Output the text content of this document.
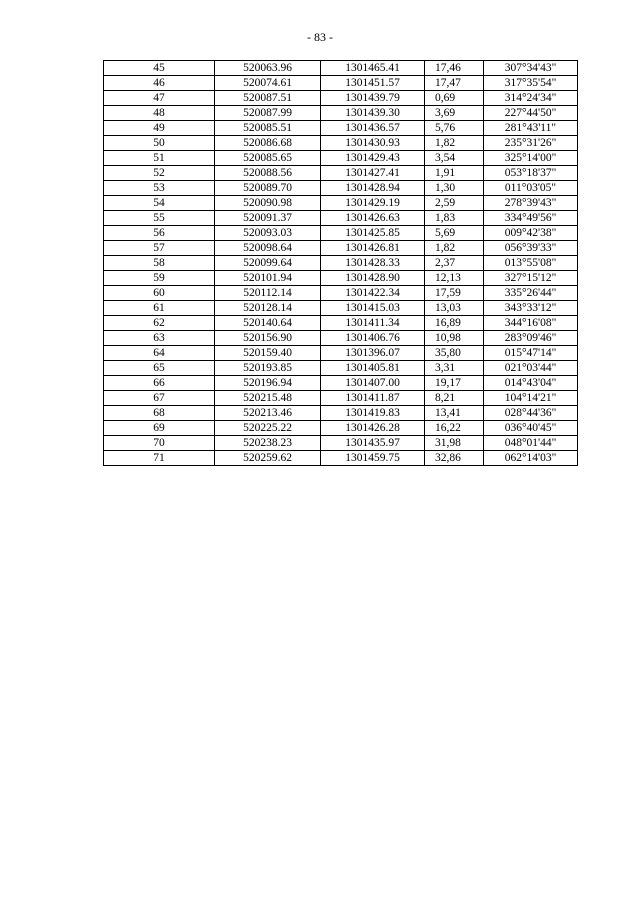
- 83 -
45	520063.96	1301465.41	17,46	307°34'43"
46	520074.61	1301451.57	17,47	317°35'54"
47	520087.51	1301439.79	0,69	314°24'34"
48	520087.99	1301439.30	3,69	227°44'50"
49	520085.51	1301436.57	5,76	281°43'11"
50	520086.68	1301430.93	1,82	235°31'26"
51	520085.65	1301429.43	3,54	325°14'00"
52	520088.56	1301427.41	1,91	053°18'37"
53	520089.70	1301428.94	1,30	011°03'05"
54	520090.98	1301429.19	2,59	278°39'43"
55	520091.37	1301426.63	1,83	334°49'56"
56	520093.03	1301425.85	5,69	009°42'38"
57	520098.64	1301426.81	1,82	056°39'33"
58	520099.64	1301428.33	2,37	013°55'08"
59	520101.94	1301428.90	12,13	327°15'12"
60	520112.14	1301422.34	17,59	335°26'44"
61	520128.14	1301415.03	13,03	343°33'12"
62	520140.64	1301411.34	16,89	344°16'08"
63	520156.90	1301406.76	10,98	283°09'46"
64	520159.40	1301396.07	35,80	015°47'14"
65	520193.85	1301405.81	3,31	021°03'44"
66	520196.94	1301407.00	19,17	014°43'04"
67	520215.48	1301411.87	8,21	104°14'21"
68	520213.46	1301419.83	13,41	028°44'36"
69	520225.22	1301426.28	16,22	036°40'45"
70	520238.23	1301435.97	31,98	048°01'44"
71	520259.62	1301459.75	32,86	062°14'03"
